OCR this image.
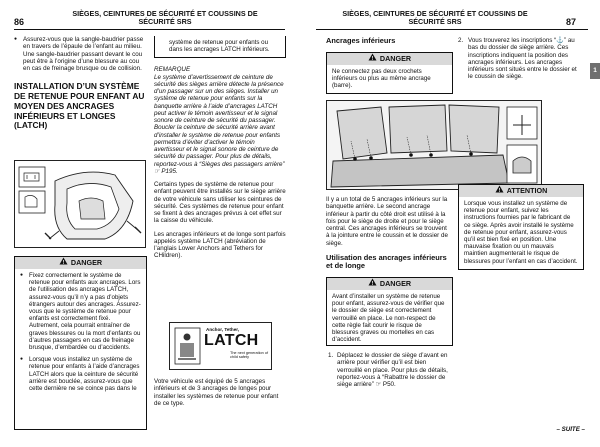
86
SIÈGES, CEINTURES DE SÉCURITÉ ET COUSSINS DE
SÉCURITÉ SRS

● Assurez-vous que la sangle-baudrier passe en travers de l’épaule de l’enfant au milieu. Une sangle-baudrier passant devant le cou peut être à l’origine d’une blessure au cou en cas de freinage brusque ou de collision.

INSTALLATION D’UN SYSTÈME DE RETENUE POUR ENFANT AU MOYEN DES ANCRAGES INFÉRIEURS ET LONGES (LATCH)

! DANGER

● Fixez correctement le système de retenue pour enfants aux ancrages. Lors de l’utilisation des ancrages LATCH, assurez-vous qu’il n’y a pas d’objets étrangers autour des ancrages. Assurez-vous que le système de retenue pour enfants est correctement fixé. Autrement, cela pourrait entraîner de graves blessures ou la mort d’enfants ou d’autres passagers en cas de freinage brusque, d’embardée ou d’accidents.

● Lorsque vous installez un système de retenue pour enfants à l’aide d’ancrages LATCH alors que la ceinture de sécurité arrière est bouclée, assurez-vous que cette dernière ne se coince pas dans le

système de retenue pour enfants ou dans les ancrages LATCH inférieurs.

REMARQUE

Le système d’avertissement de ceinture de sécurité des sièges arrière détecte la présence d’un passager sur un des sièges. Installer un système de retenue pour enfants sur la banquette arrière à l’aide d’ancrages LATCH peut activer le témoin avertisseur et le signal sonore de ceinture de sécurité du passager. Boucler la ceinture de sécurité arrière avant d’installer le système de retenue pour enfants permettra d’éviter d’activer le témoin avertisseur et le signal sonore de ceinture de sécurité du passager. Pour plus de détails, reportez-vous à “Sièges des passagers arrière” ☞ P195.

Certains types de système de retenue pour enfant peuvent être installés sur le siège arrière de votre véhicule sans utiliser les ceintures de sécurité. Ces systèmes de retenue pour enfant se fixent à des ancrages prévus à cet effet sur la caisse du véhicule.

Les ancrages inférieurs et de longe sont parfois appelés système LATCH (abréviation de l’anglais Lower Anchors and Tethers for CHildren).

Anchor, Tether,
LATCH
The next generation of child safety

Votre véhicule est équipé de 5 ancrages inférieurs et de 3 ancrages de longes pour installer les systèmes de retenue pour enfant de ce type.

SIÈGES, CEINTURES DE SÉCURITÉ ET COUSSINS DE
SÉCURITÉ SRS	87

Ancrages inférieurs

! DANGER
Ne connectez pas deux crochets inférieurs ou plus au même ancrage (barre).

Il y a un total de 5 ancrages inférieurs sur la banquette arrière. Le second ancrage inférieur à partir du côté droit est utilisé à la fois pour le siège de droite et pour le siège central. Ces ancrages inférieurs se trouvent à la jointure entre le coussin et le dossier de siège.

Utilisation des ancrages inférieurs et de longe

! DANGER
Avant d’installer un système de retenue pour enfant, assurez-vous de vérifier que le dossier de siège est correctement verrouillé en place. Le non-respect de cette règle fait courir le risque de blessures graves ou mortelles en cas d’accident.
1. Déplacez le dossier de siège d’avant en arrière pour vérifier qu’il est bien verrouillé en place. Pour plus de détails, reportez-vous à “Rabattre le dossier de siège arrière” ☞ P50.

2. Vous trouverez les inscriptions “⚓” au bas du dossier de siège arrière. Ces inscriptions indiquent la position des ancrages inférieurs. Les ancrages inférieurs sont situés entre le dossier et le coussin de siège.

! ATTENTION
Lorsque vous installez un système de retenue pour enfant, suivez les instructions fournies par le fabricant de ce siège. Après avoir installé le système de retenue pour enfant, assurez-vous qu’il est bien fixé en position. Une mauvaise fixation ou un mauvais maintien augmenterait le risque de blessures pour l’enfant en cas d’accident.
1
– SUITE –
